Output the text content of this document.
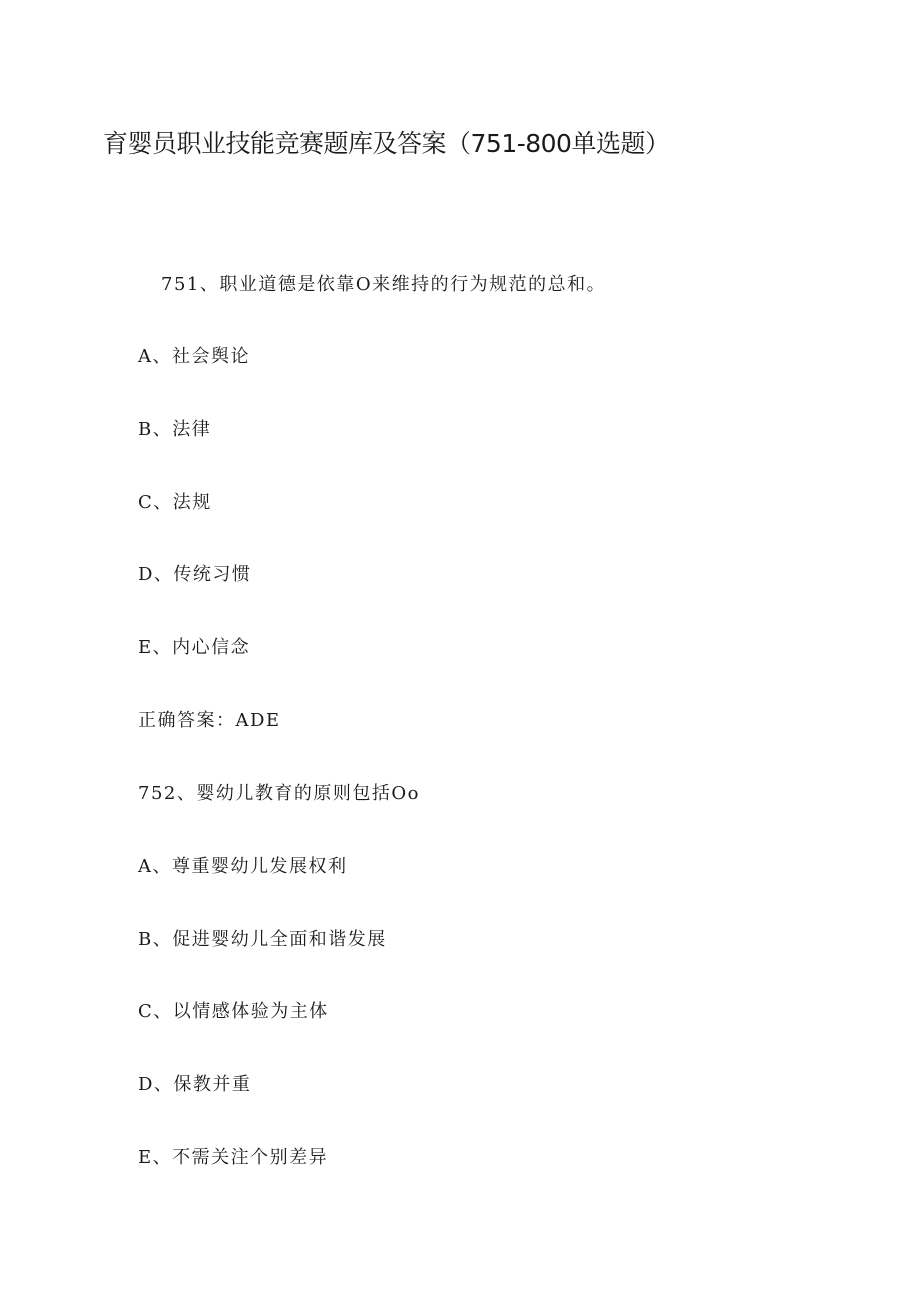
育婴员职业技能竞赛题库及答案（751-800单选题）
751、职业道德是依靠O来维持的行为规范的总和。
A、社会舆论
B、法律
C、法规
D、传统习惯
E、内心信念
正确答案：ADE
752、婴幼儿教育的原则包括Oo
A、尊重婴幼儿发展权利
B、促进婴幼儿全面和谐发展
C、以情感体验为主体
D、保教并重
E、不需关注个别差异
